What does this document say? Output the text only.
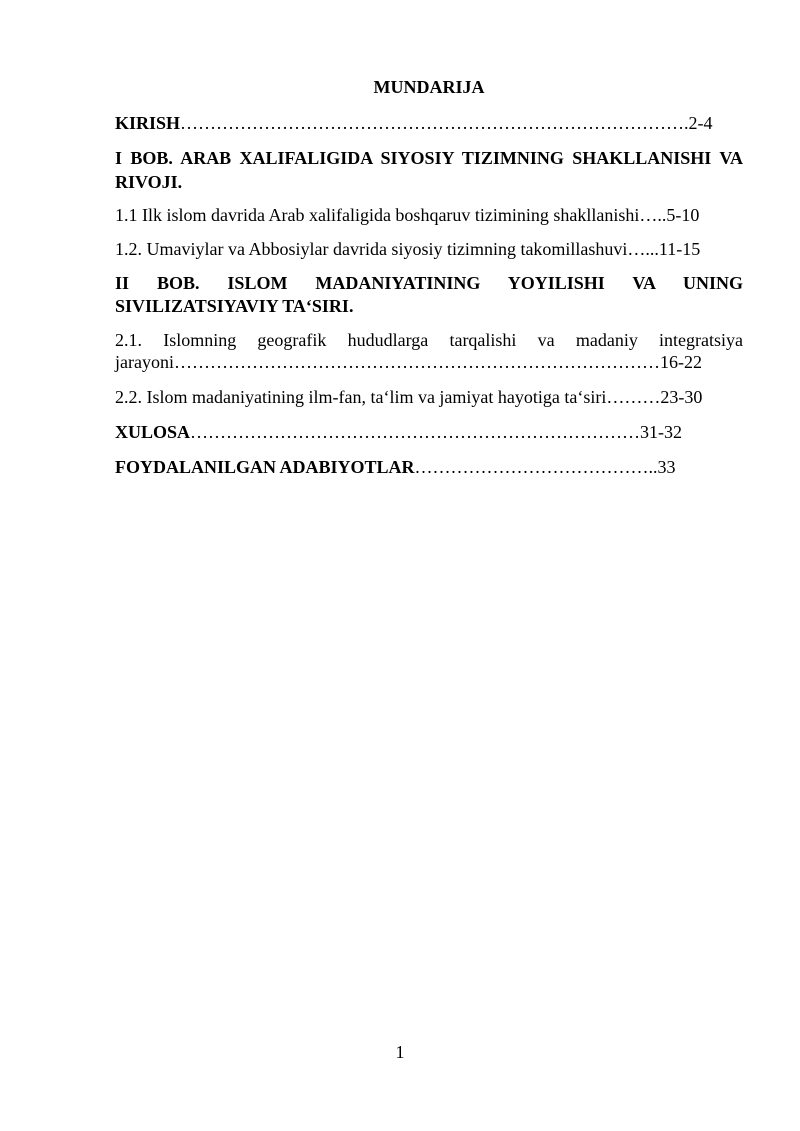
MUNDARIJA
KIRISH………………………………………………………………………….2-4
I BOB. ARAB XALIFALIGIDA SIYOSIY TIZIMNING SHAKLLANISHI VA
RIVOJI.
1.1 Ilk islom davrida Arab xalifaligida boshqaruv tizimining shakllanishi…..5-10
1.2. Umaviylar va Abbosiylar davrida siyosiy tizimning takomillashuvi…...11-15
II BOB. ISLOM MADANIYATINING YOYILISHI VA UNING
SIVILIZATSIYAVIY TA‘SIRI.
2.1. Islomning geografik hududlarga tarqalishi va madaniy integratsiya
jarayoni………………………………………………………………………16-22
2.2. Islom madaniyatining ilm-fan, ta‘lim va jamiyat hayotiga ta‘siri………23-30
XULOSA…………………………………………………………………31-32
FOYDALANILGAN ADABIYOTLAR…………………………………..33
1
